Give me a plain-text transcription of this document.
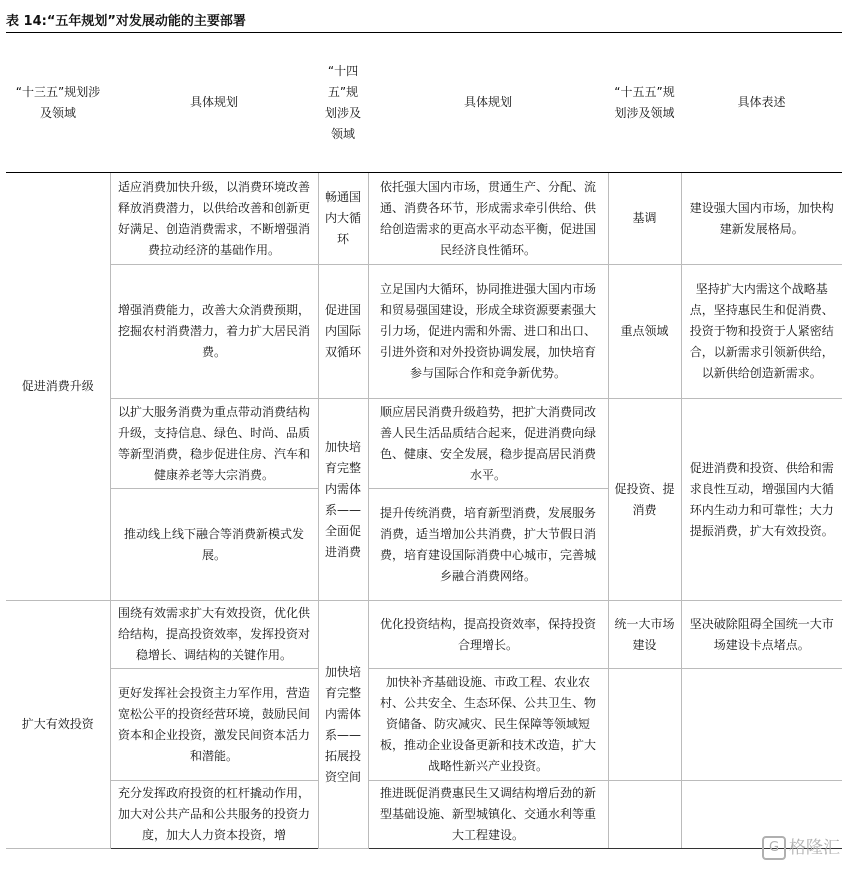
表 14:“五年规划”对发展动能的主要部署
“十三五”规划涉及领域	具体规划	“十四五”规划涉及领域	具体规划	“十五五”规划涉及领域	具体表述
促进消费升级	适应消费加快升级，以消费环境改善释放消费潜力，以供给改善和创新更好满足、创造消费需求，不断增强消费拉动经济的基础作用。	畅通国内大循环	依托强大国内市场，贯通生产、分配、流通、消费各环节，形成需求牵引供给、供给创造需求的更高水平动态平衡，促进国民经济良性循环。	基调	建设强大国内市场，加快构建新发展格局。
	增强消费能力，改善大众消费预期，挖掘农村消费潜力，着力扩大居民消费。	促进国内国际双循环	立足国内大循环，协同推进强大国内市场和贸易强国建设，形成全球资源要素强大引力场，促进内需和外需、进口和出口、引进外资和对外投资协调发展，加快培育参与国际合作和竞争新优势。	重点领域	坚持扩大内需这个战略基点，坚持惠民生和促消费、投资于物和投资于人紧密结合，以新需求引领新供给，以新供给创造新需求。
	以扩大服务消费为重点带动消费结构升级，支持信息、绿色、时尚、品质等新型消费，稳步促进住房、汽车和健康养老等大宗消费。	加快培育完整内需体系——全面促进消费	顺应居民消费升级趋势，把扩大消费同改善人民生活品质结合起来，促进消费向绿色、健康、安全发展，稳步提高居民消费水平。	促投资、提消费	促进消费和投资、供给和需求良性互动，增强国内大循环内生动力和可靠性；大力提振消费，扩大有效投资。
	推动线上线下融合等消费新模式发展。		提升传统消费，培育新型消费，发展服务消费，适当增加公共消费，扩大节假日消费，培育建设国际消费中心城市，完善城乡融合消费网络。		
扩大有效投资	围绕有效需求扩大有效投资，优化供给结构，提高投资效率，发挥投资对稳增长、调结构的关键作用。	加快培育完整内需体系——拓展投资空间	优化投资结构，提高投资效率，保持投资合理增长。	统一大市场建设	坚决破除阻碍全国统一大市场建设卡点堵点。
	更好发挥社会投资主力军作用，营造宽松公平的投资经营环境，鼓励民间资本和企业投资，激发民间资本活力和潜能。		加快补齐基础设施、市政工程、农业农村、公共安全、生态环保、公共卫生、物资储备、防灾减灾、民生保障等领域短板，推动企业设备更新和技术改造，扩大战略性新兴产业投资。		
	充分发挥政府投资的杠杆撬动作用，加大对公共产品和公共服务的投资力度，加大人力资本投资，增		推进既促消费惠民生又调结构增后劲的新型基础设施、新型城镇化、交通水利等重大工程建设。		
G 格隆汇
